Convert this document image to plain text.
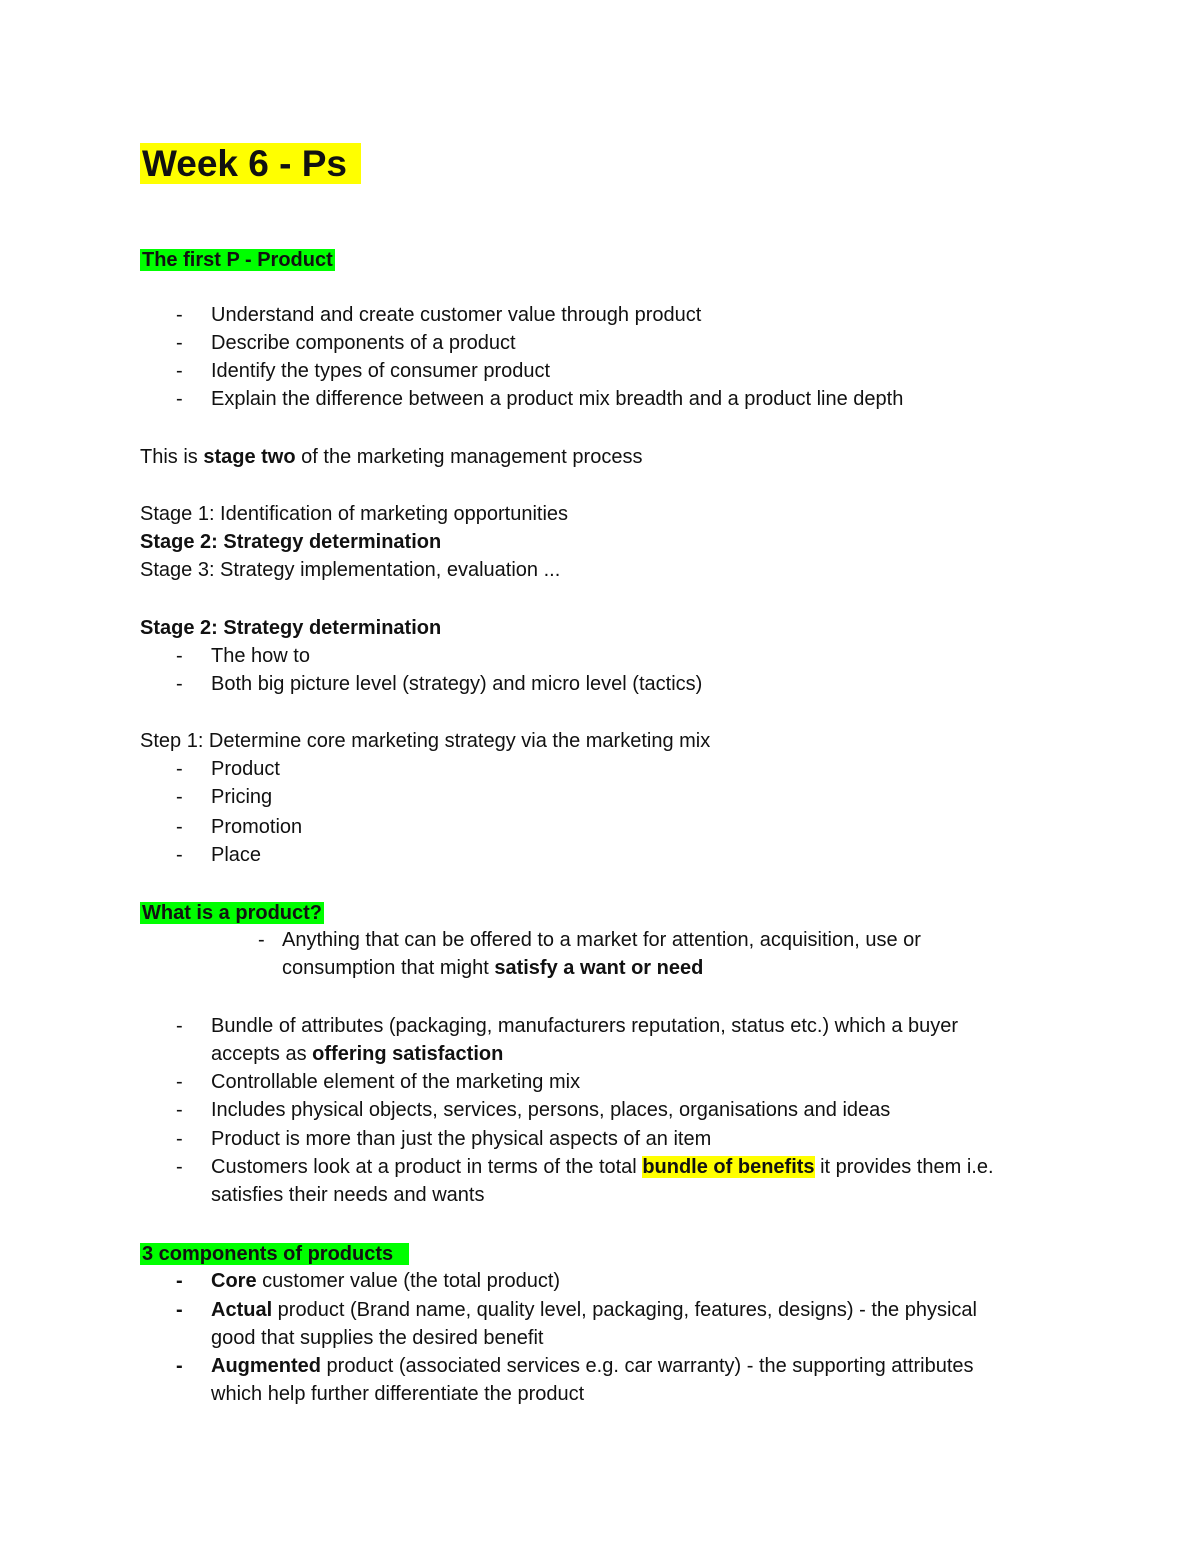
Week 6 - Ps
The first P - Product
- Understand and create customer value through product
- Describe components of a product
- Identify the types of consumer product
- Explain the difference between a product mix breadth and a product line depth
This is stage two of the marketing management process
Stage 1: Identification of marketing opportunities
Stage 2: Strategy determination
Stage 3: Strategy implementation, evaluation ...
Stage 2: Strategy determination
- The how to
- Both big picture level (strategy) and micro level (tactics)
Step 1: Determine core marketing strategy via the marketing mix
- Product
- Pricing
- Promotion
- Place
What is a product?
- Anything that can be offered to a market for attention, acquisition, use or
consumption that might satisfy a want or need
- Bundle of attributes (packaging, manufacturers reputation, status etc.) which a buyer
accepts as offering satisfaction
- Controllable element of the marketing mix
- Includes physical objects, services, persons, places, organisations and ideas
- Product is more than just the physical aspects of an item
- Customers look at a product in terms of the total bundle of benefits it provides them i.e.
satisfies their needs and wants
3 components of products
- Core customer value (the total product)
- Actual product (Brand name, quality level, packaging, features, designs) - the physical
good that supplies the desired benefit
- Augmented product (associated services e.g. car warranty) - the supporting attributes
which help further differentiate the product
